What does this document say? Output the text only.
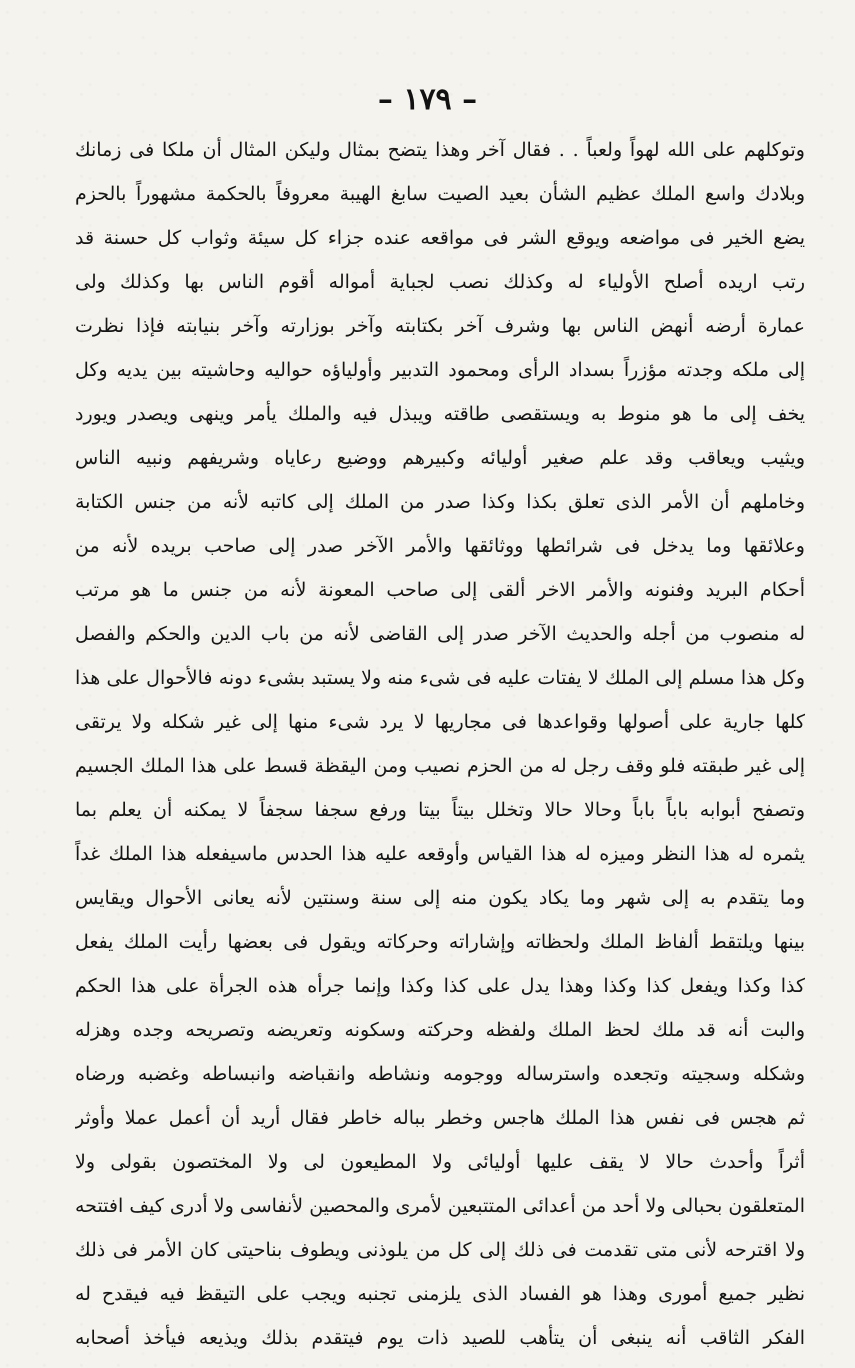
– ١٧٩ –
وتوكلهم على الله لهواً ولعباً . . فقال آخر وهذا يتضح بمثال وليكن المثال أن ملكا فى زمانك
وبلادك واسع الملك عظيم الشأن بعيد الصيت سابغ الهيبة معروفاً بالحكمة مشهوراً بالحزم
يضع الخير فى مواضعه ويوقع الشر فى مواقعه عنده جزاء كل سيئة وثواب كل حسنة قد
رتب اريده أصلح الأولياء له وكذلك نصب لجباية أمواله أقوم الناس بها وكذلك ولى
عمارة أرضه أنهض الناس بها وشرف آخر بكتابته وآخر بوزارته وآخر بنيابته فإذا نظرت
إلى ملكه وجدته مؤزراً بسداد الرأى ومحمود التدبير وأولياؤه حواليه وحاشيته بين يديه وكل
يخف إلى ما هو منوط به ويستقصى طاقته ويبذل فيه والملك يأمر وينهى ويصدر ويورد
ويثيب ويعاقب وقد علم صغير أوليائه وكبيرهم ووضيع رعاياه وشريفهم ونبيه الناس
وخاملهم أن الأمر الذى تعلق بكذا وكذا صدر من الملك إلى كاتبه لأنه من جنس الكتابة
وعلائقها وما يدخل فى شرائطها ووثائقها والأمر الآخر صدر إلى صاحب بريده لأنه من
أحكام البريد وفنونه والأمر الاخر ألقى إلى صاحب المعونة لأنه من جنس ما هو مرتب
له منصوب من أجله والحديث الآخر صدر إلى القاضى لأنه من باب الدين والحكم والفصل
وكل هذا مسلم إلى الملك لا يفتات عليه فى شىء منه ولا يستبد بشىء دونه فالأحوال على هذا
كلها جارية على أصولها وقواعدها فى مجاريها لا يرد شىء منها إلى غير شكله ولا يرتقى
إلى غير طبقته فلو وقف رجل له من الحزم نصيب ومن اليقظة قسط على هذا الملك الجسيم
وتصفح أبوابه باباً باباً وحالا حالا وتخلل بيتاً بيتا ورفع سجفا سجفاً لا يمكنه أن يعلم بما
يثمره له هذا النظر وميزه له هذا القياس وأوقعه عليه هذا الحدس ماسيفعله هذا الملك غداً
وما يتقدم به إلى شهر وما يكاد يكون منه إلى سنة وسنتين لأنه يعانى الأحوال ويقايس
بينها ويلتقط ألفاظ الملك ولحظاته وإشاراته وحركاته ويقول فى بعضها رأيت الملك يفعل
كذا وكذا ويفعل كذا وكذا وهذا يدل على كذا وكذا وإنما جرأه هذه الجرأة على هذا الحكم
والبت أنه قد ملك لحظ الملك ولفظه وحركته وسكونه وتعريضه وتصريحه وجده وهزله
وشكله وسجيته وتجعده واسترساله ووجومه ونشاطه وانقباضه وانبساطه وغضبه ورضاه
ثم هجس فى نفس هذا الملك هاجس وخطر بباله خاطر فقال أريد أن أعمل عملا وأوثر
أثراً وأحدث حالا لا يقف عليها أوليائى ولا المطيعون لى ولا المختصون بقولى ولا
المتعلقون بحبالى ولا أحد من أعدائى المتتبعين لأمرى والمحصين لأنفاسى ولا أدرى كيف افتتحه
ولا اقترحه لأنى متى تقدمت فى ذلك إلى كل من يلوذنى ويطوف بناحيتى كان الأمر فى ذلك
نظير جميع أمورى وهذا هو الفساد الذى يلزمنى تجنبه ويجب على التيقظ فيه فيقدح له
الفكر الثاقب أنه ينبغى أن يتأهب للصيد ذات يوم فيتقدم بذلك ويذيعه فيأخذ أصحابه
